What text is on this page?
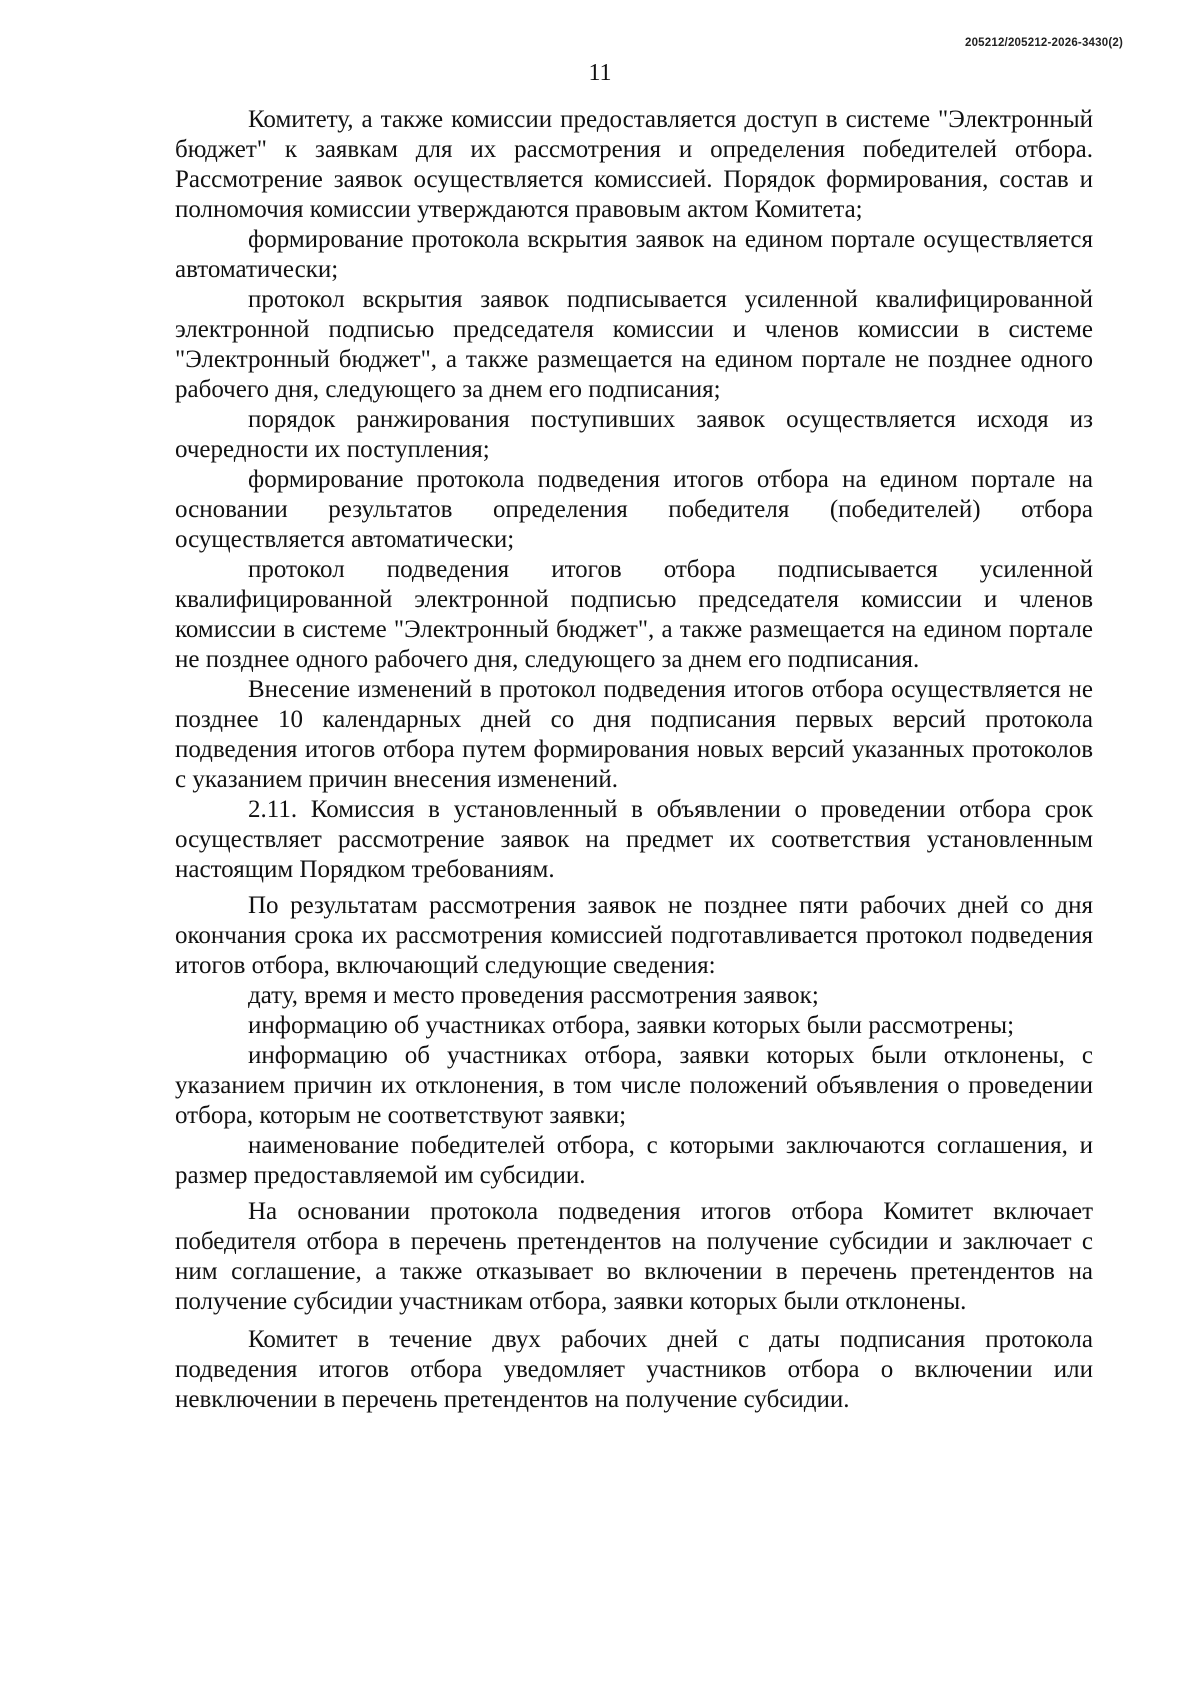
205212/205212-2026-3430(2)
11

Комитету, а также комиссии предоставляется доступ в системе "Электронный бюджет" к заявкам для их рассмотрения и определения победителей отбора. Рассмотрение заявок осуществляется комиссией. Порядок формирования, состав и полномочия комиссии утверждаются правовым актом Комитета;

формирование протокола вскрытия заявок на едином портале осуществляется автоматически;

протокол вскрытия заявок подписывается усиленной квалифицированной электронной подписью председателя комиссии и членов комиссии в системе "Электронный бюджет", а также размещается на едином портале не позднее одного рабочего дня, следующего за днем его подписания;

порядок ранжирования поступивших заявок осуществляется исходя из очередности их поступления;

формирование протокола подведения итогов отбора на едином портале на основании результатов определения победителя (победителей) отбора осуществляется автоматически;

протокол подведения итогов отбора подписывается усиленной квалифицированной электронной подписью председателя комиссии и членов комиссии в системе "Электронный бюджет", а также размещается на едином портале не позднее одного рабочего дня, следующего за днем его подписания.

Внесение изменений в протокол подведения итогов отбора осуществляется не позднее 10 календарных дней со дня подписания первых версий протокола подведения итогов отбора путем формирования новых версий указанных протоколов с указанием причин внесения изменений.

2.11. Комиссия в установленный в объявлении о проведении отбора срок осуществляет рассмотрение заявок на предмет их соответствия установленным настоящим Порядком требованиям.

По результатам рассмотрения заявок не позднее пяти рабочих дней со дня окончания срока их рассмотрения комиссией подготавливается протокол подведения итогов отбора, включающий следующие сведения:

дату, время и место проведения рассмотрения заявок;

информацию об участниках отбора, заявки которых были рассмотрены;

информацию об участниках отбора, заявки которых были отклонены, с указанием причин их отклонения, в том числе положений объявления о проведении отбора, которым не соответствуют заявки;

наименование победителей отбора, с которыми заключаются соглашения, и размер предоставляемой им субсидии.

На основании протокола подведения итогов отбора Комитет включает победителя отбора в перечень претендентов на получение субсидии и заключает с ним соглашение, а также отказывает во включении в перечень претендентов на получение субсидии участникам отбора, заявки которых были отклонены.

Комитет в течение двух рабочих дней с даты подписания протокола подведения итогов отбора уведомляет участников отбора о включении или невключении в перечень претендентов на получение субсидии.
